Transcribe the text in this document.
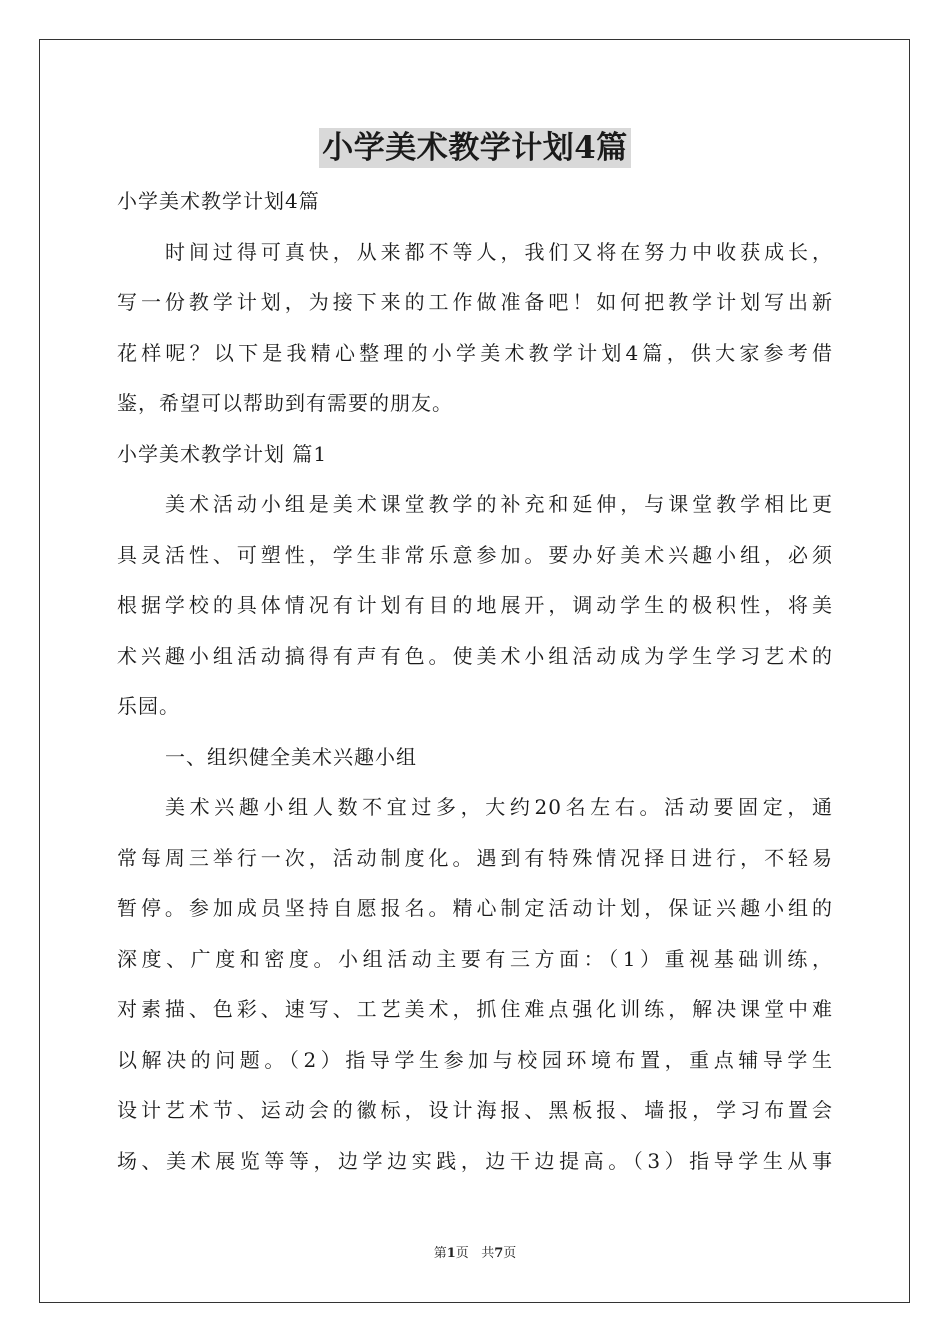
小学美术教学计划4篇
小学美术教学计划4篇
时间过得可真快，从来都不等人，我们又将在努力中收获成长，
写一份教学计划，为接下来的工作做准备吧！如何把教学计划写出新
花样呢？以下是我精心整理的小学美术教学计划4篇，供大家参考借
鉴，希望可以帮助到有需要的朋友。
小学美术教学计划 篇1
美术活动小组是美术课堂教学的补充和延伸，与课堂教学相比更
具灵活性、可塑性，学生非常乐意参加。要办好美术兴趣小组，必须
根据学校的具体情况有计划有目的地展开，调动学生的极积性，将美
术兴趣小组活动搞得有声有色。使美术小组活动成为学生学习艺术的
乐园。
一、组织健全美术兴趣小组
美术兴趣小组人数不宜过多，大约20名左右。活动要固定，通
常每周三举行一次，活动制度化。遇到有特殊情况择日进行，不轻易
暂停。参加成员坚持自愿报名。精心制定活动计划，保证兴趣小组的
深度、广度和密度。小组活动主要有三方面：（1）重视基础训练，
对素描、色彩、速写、工艺美术，抓住难点强化训练，解决课堂中难
以解决的问题。（2）指导学生参加与校园环境布置，重点辅导学生
设计艺术节、运动会的徽标，设计海报、黑板报、墙报，学习布置会
场、美术展览等等，边学边实践，边干边提高。（3）指导学生从事
第1页 共7页
